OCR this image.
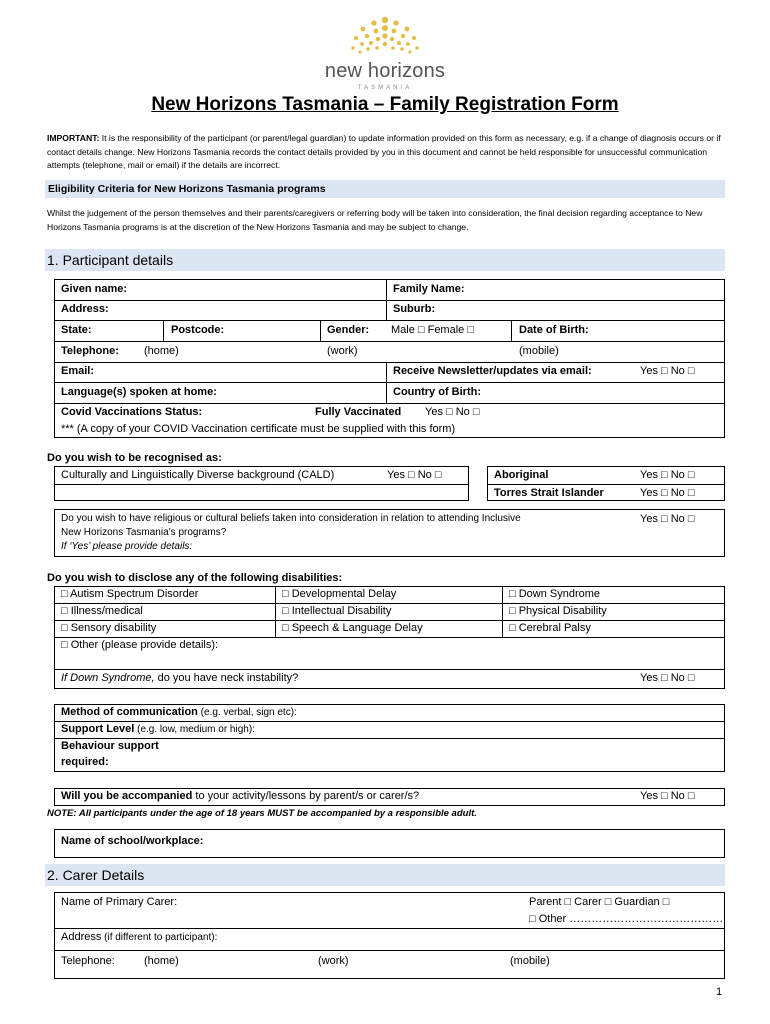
new horizons
TASMANIA
New Horizons Tasmania – Family Registration Form
IMPORTANT: It is the responsibility of the participant (or parent/legal guardian) to update information provided on this form as necessary, e.g. if a change of diagnosis occurs or if contact details change. New Horizons Tasmania records the contact details provided by you in this document and cannot be held responsible for unsuccessful communication attempts (telephone, mail or email) if the details are incorrect.
Eligibility Criteria for New Horizons Tasmania programs
Whilst the judgement of the person themselves and their parents/caregivers or referring body will be taken into consideration, the final decision regarding acceptance to New Horizons Tasmania programs is at the discretion of the New Horizons Tasmania and may be subject to change.
1. Participant details
Given name:	Family Name:
Address:	Suburb:
State:	Postcode:	Gender: Male □ Female □	Date of Birth:
Telephone: (home)	(work)	(mobile)
Email:	Receive Newsletter/updates via email:	Yes □ No □
Language(s) spoken at home:	Country of Birth:
Covid Vaccinations Status:	Fully Vaccinated Yes □ No □
*** (A copy of your COVID Vaccination certificate must be supplied with this form)
Do you wish to be recognised as:
Culturally and Linguistically Diverse background (CALD)	Yes □ No □	Aboriginal	Yes □ No □
Torres Strait Islander	Yes □ No □
Do you wish to have religious or cultural beliefs taken into consideration in relation to attending Inclusive
New Horizons Tasmania’s programs?
If ‘Yes’ please provide details:
Yes □ No □
Do you wish to disclose any of the following disabilities:
□ Autism Spectrum Disorder	□ Developmental Delay	□ Down Syndrome
□ Illness/medical	□ Intellectual Disability	□ Physical Disability
□ Sensory disability	□ Speech & Language Delay	□ Cerebral Palsy
□ Other (please provide details):
If Down Syndrome, do you have neck instability?	Yes □ No □
Method of communication (e.g. verbal, sign etc):
Support Level (e.g. low, medium or high):
Behaviour support
required:
Will you be accompanied to your activity/lessons by parent/s or carer/s?	Yes □ No □
NOTE: All participants under the age of 18 years MUST be accompanied by a responsible adult.
Name of school/workplace:
2. Carer Details
Name of Primary Carer:	Parent □ Carer □ Guardian □
□ Other ……………………………………
Address (if different to participant):
Telephone:	(home)	(work)	(mobile)
1
